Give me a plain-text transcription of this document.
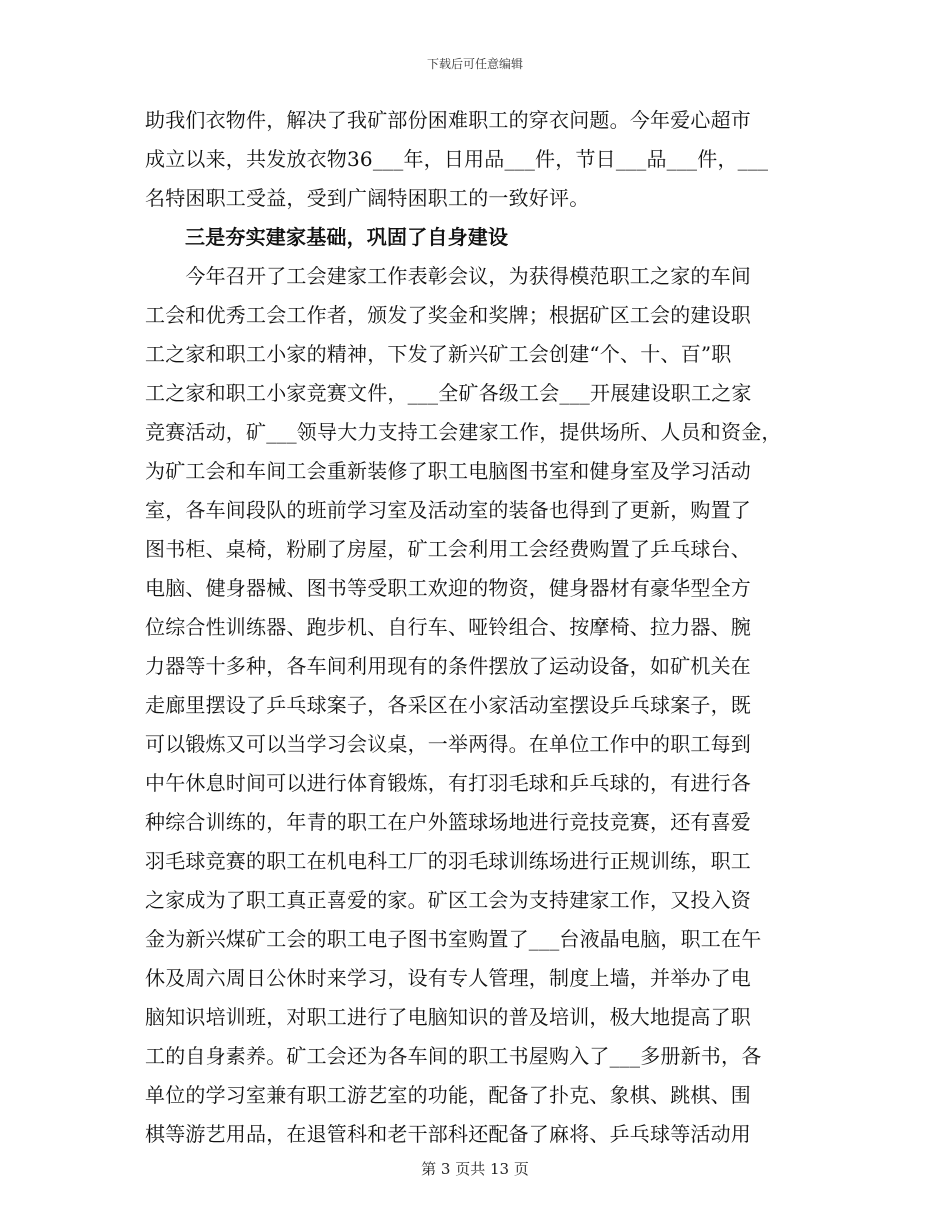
下载后可任意编辑
助我们衣物件，解决了我矿部份困难职工的穿衣问题。今年爱心超市
成立以来，共发放衣物36___年，日用品___件，节日___品___件，___
名特困职工受益，受到广阔特困职工的一致好评。
三是夯实建家基础，巩固了自身建设
　　今年召开了工会建家工作表彰会议，为获得模范职工之家的车间
工会和优秀工会工作者，颁发了奖金和奖牌；根据矿区工会的建设职
工之家和职工小家的精神，下发了新兴矿工会创建“个、十、百”职
工之家和职工小家竞赛文件，___全矿各级工会___开展建设职工之家
竞赛活动，矿___领导大力支持工会建家工作，提供场所、人员和资金，
为矿工会和车间工会重新装修了职工电脑图书室和健身室及学习活动
室，各车间段队的班前学习室及活动室的装备也得到了更新，购置了
图书柜、桌椅，粉刷了房屋，矿工会利用工会经费购置了乒乓球台、
电脑、健身器械、图书等受职工欢迎的物资，健身器材有豪华型全方
位综合性训练器、跑步机、自行车、哑铃组合、按摩椅、拉力器、腕
力器等十多种，各车间利用现有的条件摆放了运动设备，如矿机关在
走廊里摆设了乒乓球案子，各采区在小家活动室摆设乒乓球案子，既
可以锻炼又可以当学习会议桌，一举两得。在单位工作中的职工每到
中午休息时间可以进行体育锻炼，有打羽毛球和乒乓球的，有进行各
种综合训练的，年青的职工在户外篮球场地进行竞技竞赛，还有喜爱
羽毛球竞赛的职工在机电科工厂的羽毛球训练场进行正规训练，职工
之家成为了职工真正喜爱的家。矿区工会为支持建家工作，又投入资
金为新兴煤矿工会的职工电子图书室购置了___台液晶电脑，职工在午
休及周六周日公休时来学习，设有专人管理，制度上墙，并举办了电
脑知识培训班，对职工进行了电脑知识的普及培训，极大地提高了职
工的自身素养。矿工会还为各车间的职工书屋购入了___多册新书，各
单位的学习室兼有职工游艺室的功能，配备了扑克、象棋、跳棋、围
棋等游艺用品，在退管科和老干部科还配备了麻将、乒乓球等活动用
第 3 页共 13 页
